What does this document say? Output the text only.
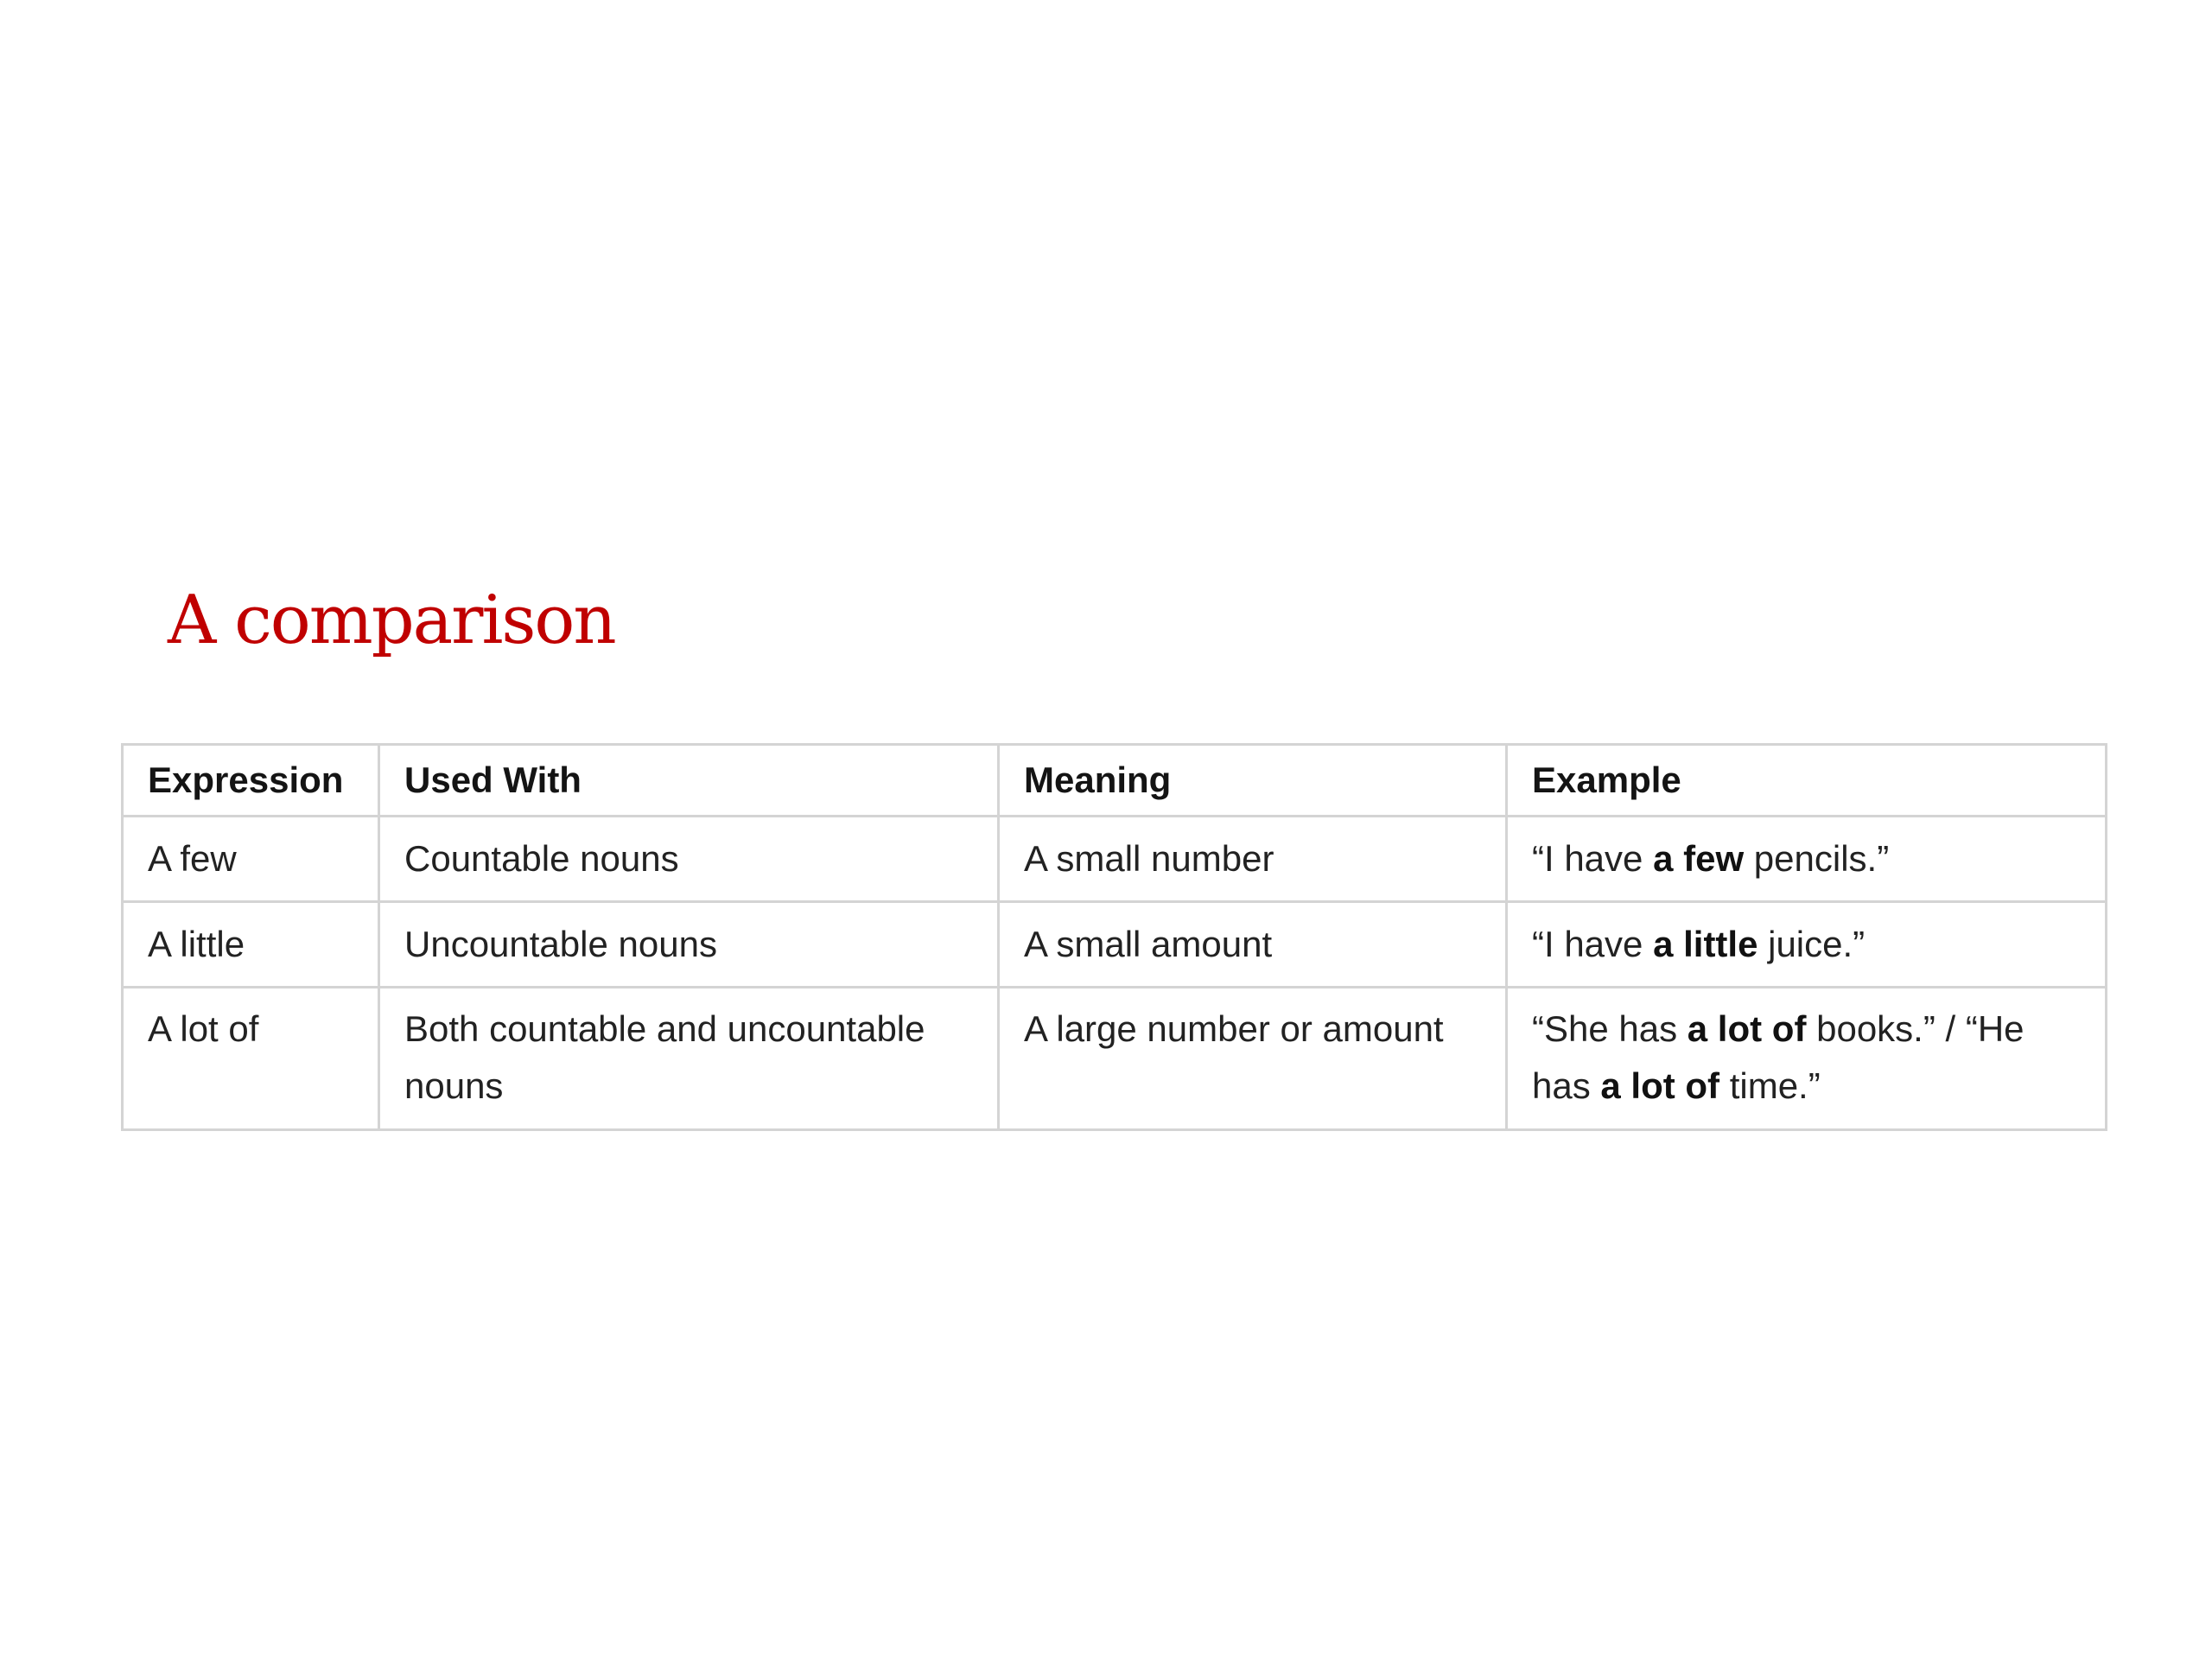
A comparison
Expression	Used With	Meaning	Example
A few	Countable nouns	A small number	“I have a few pencils.”
A little	Uncountable nouns	A small amount	“I have a little juice.”
A lot of	Both countable and uncountable nouns	A large number or amount	“She has a lot of books.” / “He has a lot of time.”
